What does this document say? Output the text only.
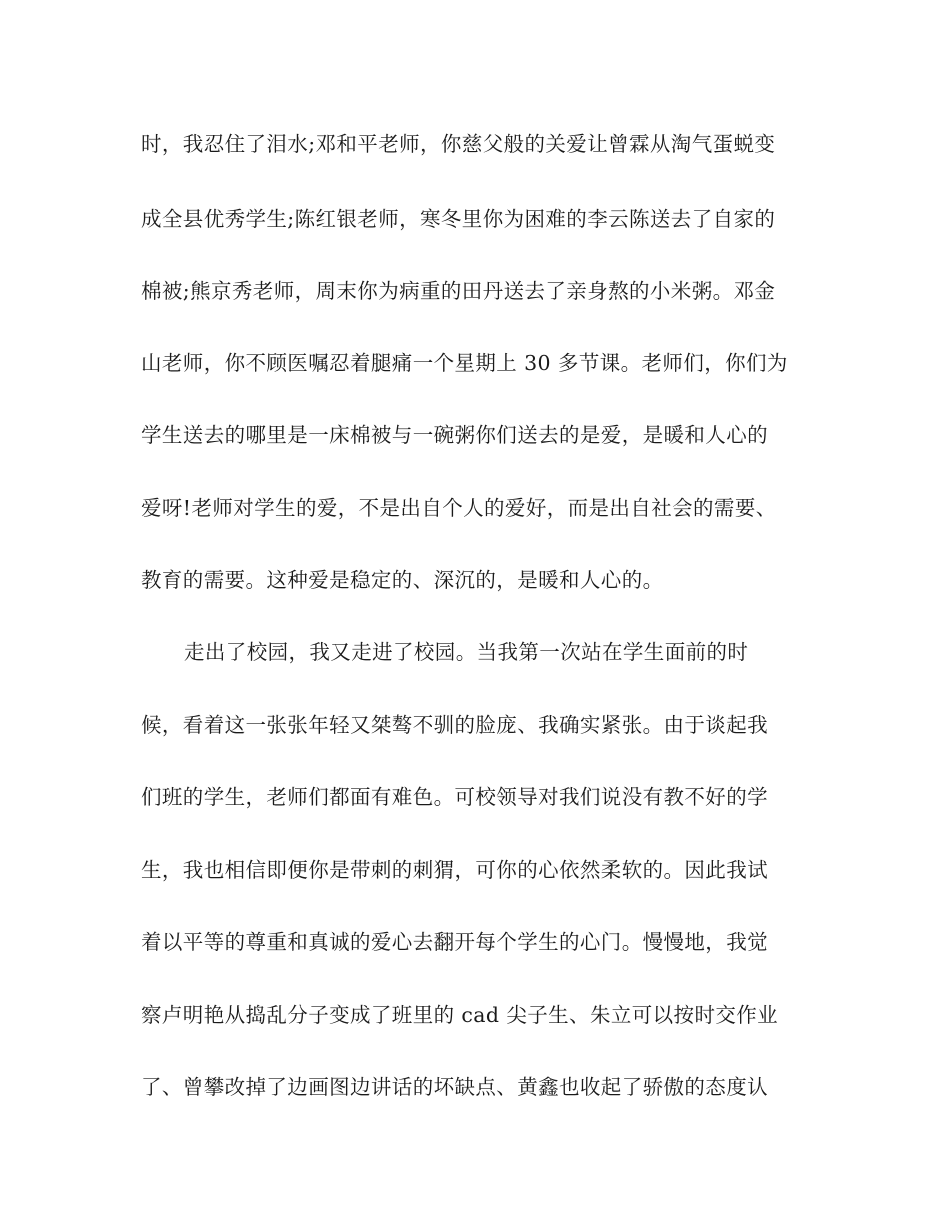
时，我忍住了泪水;邓和平老师，你慈父般的关爱让曾霖从淘气蛋蜕变
成全县优秀学生;陈红银老师，寒冬里你为困难的李云陈送去了自家的
棉被;熊京秀老师，周末你为病重的田丹送去了亲身熬的小米粥。邓金
山老师，你不顾医嘱忍着腿痛一个星期上 30 多节课。老师们，你们为
学生送去的哪里是一床棉被与一碗粥你们送去的是爱，是暖和人心的
爱呀!老师对学生的爱，不是出自个人的爱好，而是出自社会的需要、
教育的需要。这种爱是稳定的、深沉的，是暖和人心的。
走出了校园，我又走进了校园。当我第一次站在学生面前的时
候，看着这一张张年轻又桀骜不驯的脸庞、我确实紧张。由于谈起我
们班的学生，老师们都面有难色。可校领导对我们说没有教不好的学
生，我也相信即便你是带刺的刺猬，可你的心依然柔软的。因此我试
着以平等的尊重和真诚的爱心去翻开每个学生的心门。慢慢地，我觉
察卢明艳从捣乱分子变成了班里的 cad 尖子生、朱立可以按时交作业
了、曾攀改掉了边画图边讲话的坏缺点、黄鑫也收起了骄傲的态度认
